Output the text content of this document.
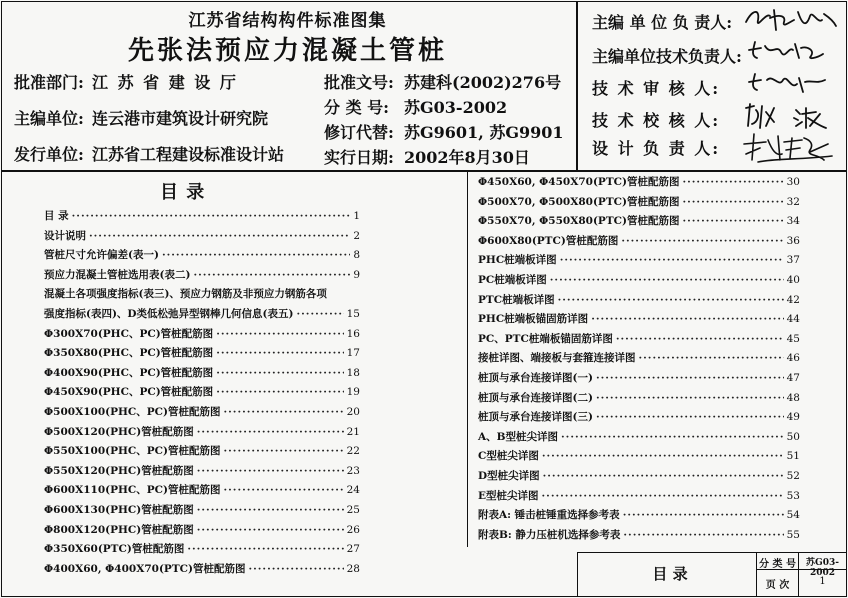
江苏省结构构件标准图集
先张法预应力混凝土管桩
批准部门: 江 苏 省 建 设 厅
主编单位: 连云港市建筑设计研究院
发行单位: 江苏省工程建设标准设计站
批准文号: 苏建科(2002)276号
分 类 号: 苏G03-2002
修订代替: 苏G9601, 苏G9901
实行日期: 2002年8月30日
主编 单 位 负 责人:
主编单位技术负责人:
技 术 审 核 人:
技 术 校 核 人:
设 计 负 责 人:
目 录
目 录 ·····	1
设计说明 ·····	2
管桩尺寸允许偏差(表一) ·····	8
预应力混凝土管桩选用表(表二) ·····	9
混凝土各项强度指标(表三)、预应力钢筋及非预应力钢筋各项
强度指标(表四)、D类低松弛异型钢棒几何信息(表五) ·····	15
Φ300X70(PHC、PC)管桩配筋图 ·····	16
Φ350X80(PHC、PC)管桩配筋图 ·····	17
Φ400X90(PHC、PC)管桩配筋图 ·····	18
Φ450X90(PHC、PC)管桩配筋图 ·····	19
Φ500X100(PHC、PC)管桩配筋图 ·····	20
Φ500X120(PHC)管桩配筋图 ·····	21
Φ550X100(PHC、PC)管桩配筋图 ·····	22
Φ550X120(PHC)管桩配筋图 ·····	23
Φ600X110(PHC、PC)管桩配筋图 ·····	24
Φ600X130(PHC)管桩配筋图 ·····	25
Φ800X120(PHC)管桩配筋图 ·····	26
Φ350X60(PTC)管桩配筋图 ·····	27
Φ400X60, Φ400X70(PTC)管桩配筋图 ·····	28
Φ450X60, Φ450X70(PTC)管桩配筋图 ·····	30
Φ500X70, Φ500X80(PTC)管桩配筋图 ·····	32
Φ550X70, Φ550X80(PTC)管桩配筋图 ·····	34
Φ600X80(PTC)管桩配筋图 ·····	36
PHC桩端板详图 ·····	37
PC桩端板详图 ·····	40
PTC桩端板详图 ·····	42
PHC桩端板锚固筋详图 ·····	44
PC、PTC桩端板锚固筋详图 ·····	45
接桩详图、端接板与套箍连接详图 ·····	46
桩顶与承台连接详图(一) ·····	47
桩顶与承台连接详图(二) ·····	48
桩顶与承台连接详图(三) ·····	49
A、B型桩尖详图 ·····	50
C型桩尖详图 ·····	51
D型桩尖详图 ·····	52
E型桩尖详图 ·····	53
附表A: 锤击桩锤重选择参考表 ·····	54
附表B: 静力压桩机选择参考表 ·····	55
目 录
分 类 号	苏G03-2002
页 次	1
